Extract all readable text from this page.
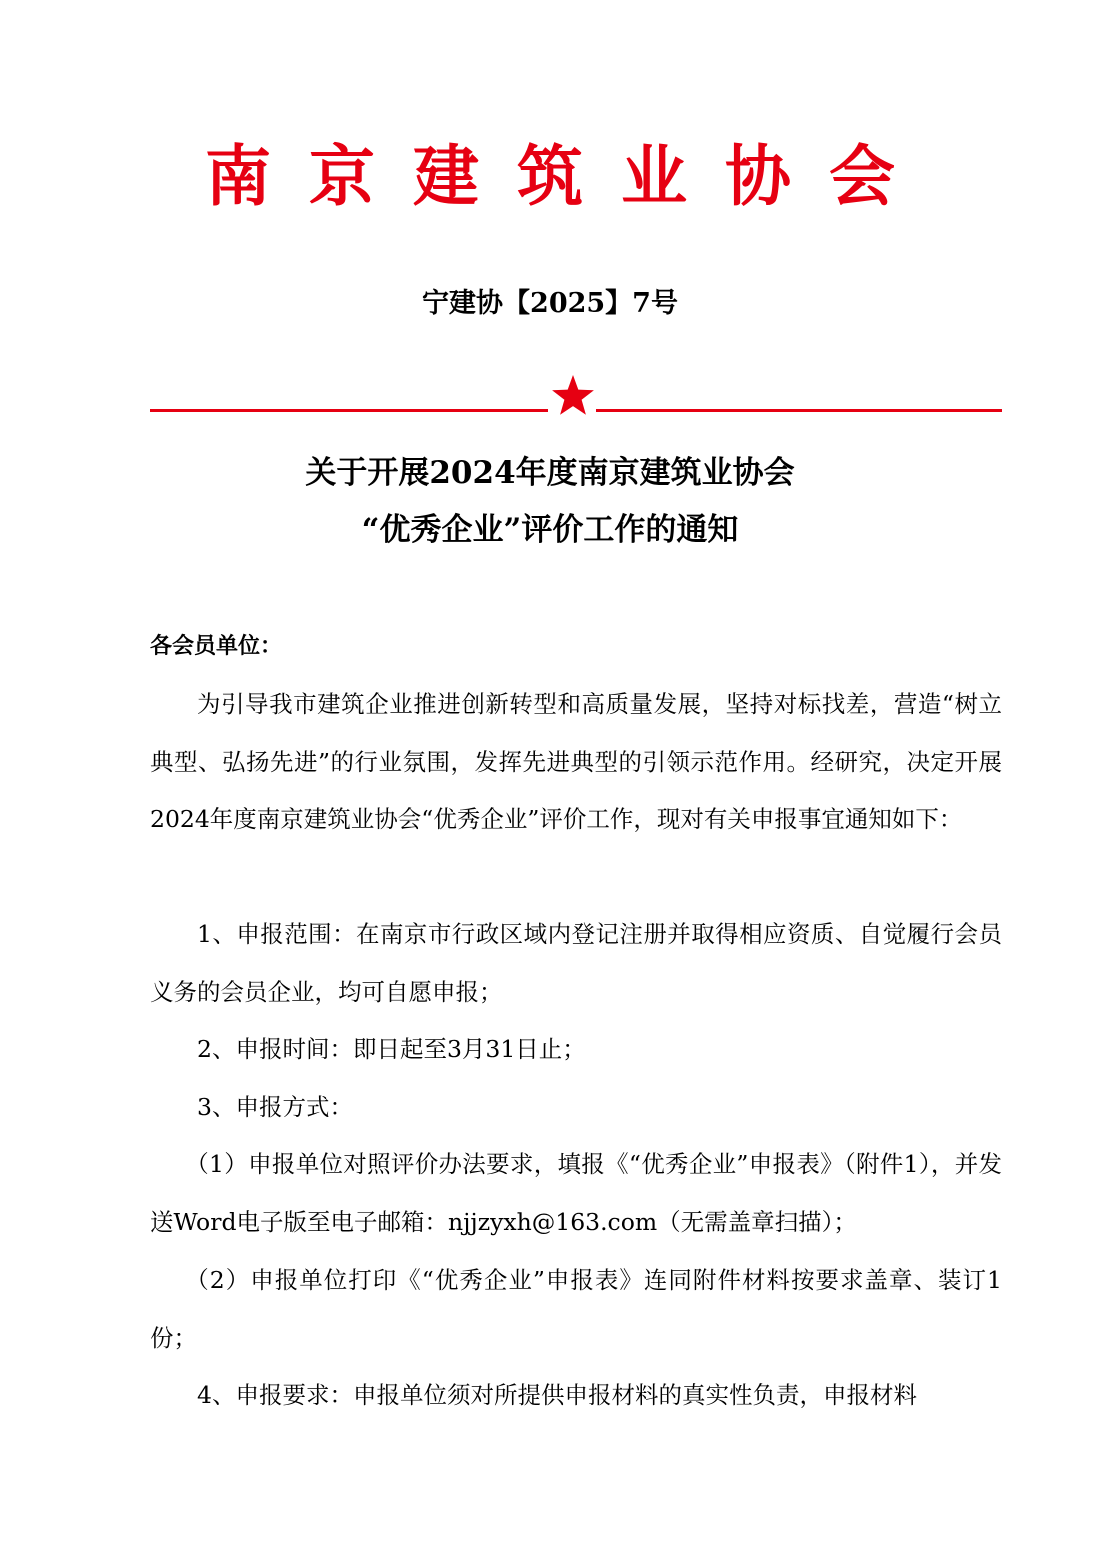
南京建筑业协会
宁建协【2025】7号
关于开展2024年度南京建筑业协会
“优秀企业”评价工作的通知
各会员单位：

为引导我市建筑企业推进创新转型和高质量发展，坚持对标找差，营造“树立典型、弘扬先进”的行业氛围，发挥先进典型的引领示范作用。经研究，决定开展2024年度南京建筑业协会“优秀企业”评价工作，现对有关申报事宜通知如下：

1、申报范围：在南京市行政区域内登记注册并取得相应资质、自觉履行会员义务的会员企业，均可自愿申报；

2、申报时间：即日起至3月31日止；

3、申报方式：

（1）申报单位对照评价办法要求，填报《“优秀企业”申报表》（附件1），并发送Word电子版至电子邮箱：njjzyxh@163.com（无需盖章扫描）；

（2）申报单位打印《“优秀企业”申报表》连同附件材料按要求盖章、装订1份；

4、申报要求：申报单位须对所提供申报材料的真实性负责，申报材料
